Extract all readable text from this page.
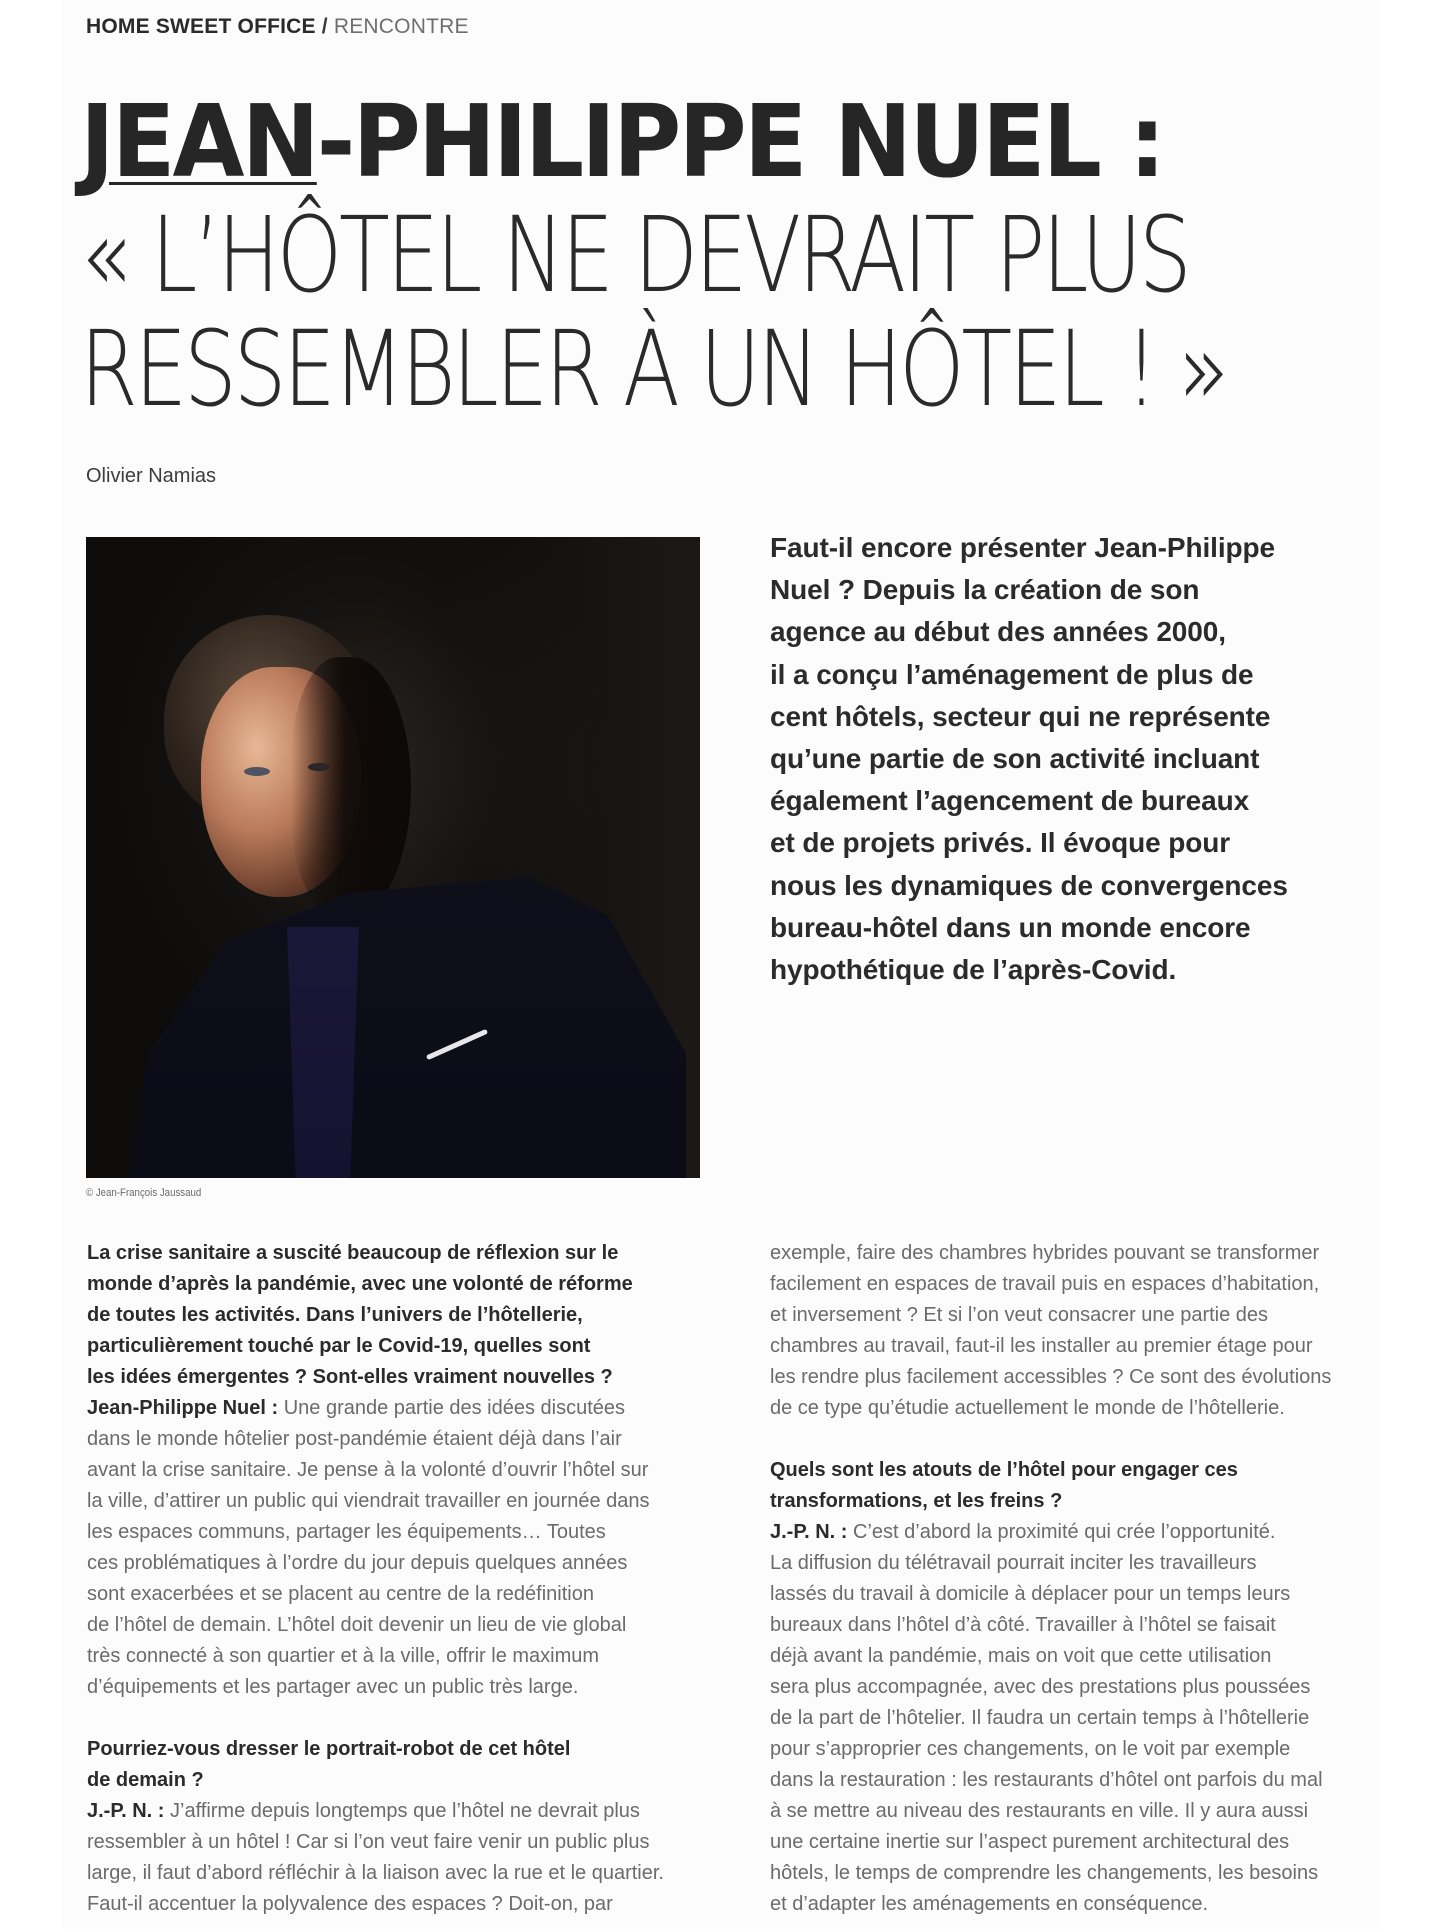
HOME SWEET OFFICE / RENCONTRE
JEAN-PHILIPPE NUEL :
« L’HÔTEL NE DEVRAIT PLUS
RESSEMBLER À UN HÔTEL ! »
Olivier Namias
© Jean-François Jaussaud
Faut-il encore présenter Jean-Philippe
Nuel ? Depuis la création de son
agence au début des années 2000,
il a conçu l’aménagement de plus de
cent hôtels, secteur qui ne représente
qu’une partie de son activité incluant
également l’agencement de bureaux
et de projets privés. Il évoque pour
nous les dynamiques de convergences
bureau-hôtel dans un monde encore
hypothétique de l’après-Covid.
La crise sanitaire a suscité beaucoup de réflexion sur le
monde d’après la pandémie, avec une volonté de réforme
de toutes les activités. Dans l’univers de l’hôtellerie,
particulièrement touché par le Covid-19, quelles sont
les idées émergentes ? Sont-elles vraiment nouvelles ?
Jean-Philippe Nuel : Une grande partie des idées discutées
dans le monde hôtelier post-pandémie étaient déjà dans l’air
avant la crise sanitaire. Je pense à la volonté d’ouvrir l’hôtel sur
la ville, d’attirer un public qui viendrait travailler en journée dans
les espaces communs, partager les équipements… Toutes
ces problématiques à l’ordre du jour depuis quelques années
sont exacerbées et se placent au centre de la redéfinition
de l’hôtel de demain. L’hôtel doit devenir un lieu de vie global
très connecté à son quartier et à la ville, offrir le maximum
d’équipements et les partager avec un public très large.
Pourriez-vous dresser le portrait-robot de cet hôtel
de demain ?
J.-P. N. : J’affirme depuis longtemps que l’hôtel ne devrait plus
ressembler à un hôtel ! Car si l’on veut faire venir un public plus
large, il faut d’abord réfléchir à la liaison avec la rue et le quartier.
Faut-il accentuer la polyvalence des espaces ? Doit-on, par
exemple, faire des chambres hybrides pouvant se transformer
facilement en espaces de travail puis en espaces d’habitation,
et inversement ? Et si l’on veut consacrer une partie des
chambres au travail, faut-il les installer au premier étage pour
les rendre plus facilement accessibles ? Ce sont des évolutions
de ce type qu’étudie actuellement le monde de l’hôtellerie.
Quels sont les atouts de l’hôtel pour engager ces
transformations, et les freins ?
J.-P. N. : C’est d’abord la proximité qui crée l’opportunité.
La diffusion du télétravail pourrait inciter les travailleurs
lassés du travail à domicile à déplacer pour un temps leurs
bureaux dans l’hôtel d’à côté. Travailler à l’hôtel se faisait
déjà avant la pandémie, mais on voit que cette utilisation
sera plus accompagnée, avec des prestations plus poussées
de la part de l’hôtelier. Il faudra un certain temps à l’hôtellerie
pour s’approprier ces changements, on le voit par exemple
dans la restauration : les restaurants d’hôtel ont parfois du mal
à se mettre au niveau des restaurants en ville. Il y aura aussi
une certaine inertie sur l’aspect purement architectural des
hôtels, le temps de comprendre les changements, les besoins
et d’adapter les aménagements en conséquence.
